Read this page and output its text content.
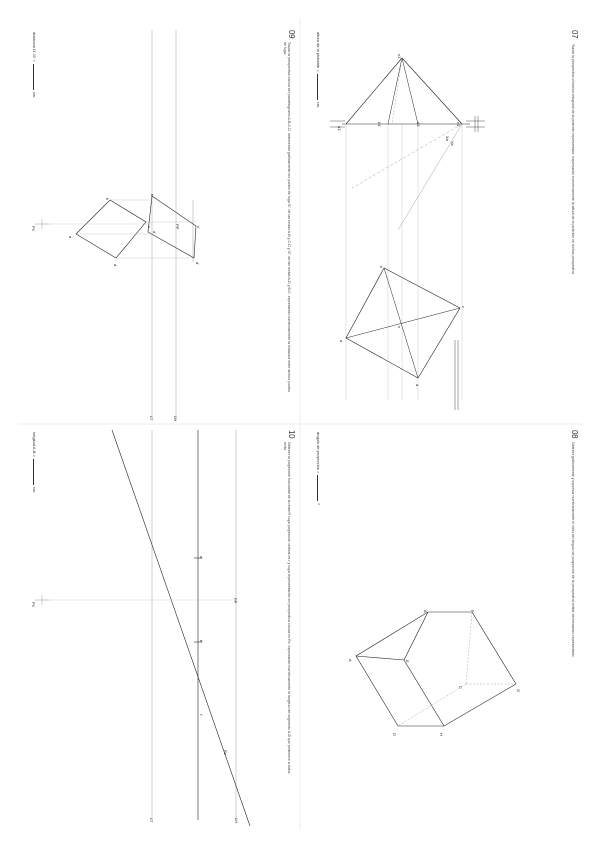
07
Trazar la perspectiva cilíndrica ortogonal de la pirámide representado, expresando numéricamente la altura de la pirámide en dichas perspectiva.
altura de la pirámide =cm.
08
Obtener gráficamente y expresar numéricamente el valor del ángulo de proyección de la perspectiva militar del hexaedro representado.
ángulo de proyección =º
09
Trazar la perspectiva cónica del paralelogramo A-B-C-D, obteniendo gráficamente los puntos de fuga f1', de las rectas A-B y C-D y f2', de las rectas A-D y B-C, expresando numéricamente la distancia entre ambos puntos de fuga.
distancia f1'-f2' =cm.
10
Obtener la proyección horizontal de la recta R cuya proyección vertical es r y cuya representación en perspectiva cónica es Rc, expresando numéricamente la longitud del segmento A-B que pertenece a dicha recta.
longitud A-B =cm.
v1'
a1'
b1'	d1'	c1'
Xa
Ya
b
c
v
d
a
B	F
A	E
C
G
D	H
b
c
d
a
b'
a'
c'
d'
PP
LH
LT
PV
a'
b'
r'
Rc
PP
LH
LT
PV
